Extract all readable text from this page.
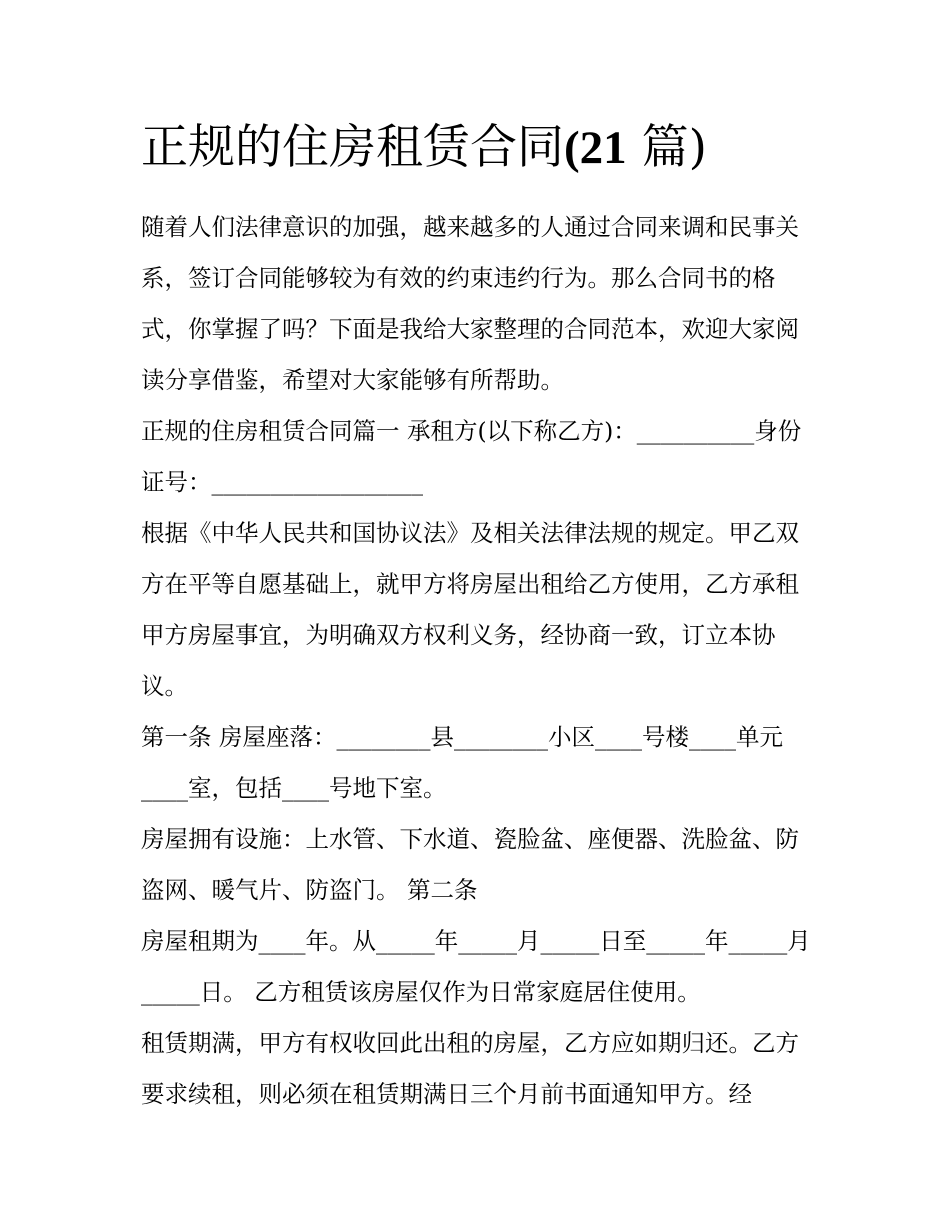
正规的住房租赁合同(21 篇)

随着人们法律意识的加强，越来越多的人通过合同来调和民事关系，签订合同能够较为有效的约束违约行为。那么合同书的格式，你掌握了吗？下面是我给大家整理的合同范本，欢迎大家阅读分享借鉴，希望对大家能够有所帮助。

正规的住房租赁合同篇一 承租方(以下称乙方)：__________身份证号：__________________

根据《中华人民共和国协议法》及相关法律法规的规定。甲乙双方在平等自愿基础上，就甲方将房屋出租给乙方使用，乙方承租甲方房屋事宜，为明确双方权利义务，经协商一致，订立本协议。

第一条 房屋座落：________县________小区____号楼____单元____室，包括____号地下室。

房屋拥有设施：上水管、下水道、瓷脸盆、座便器、洗脸盆、防盗网、暖气片、防盗门。 第二条

房屋租期为____年。从_____年_____月_____日至_____年_____月_____日。 乙方租赁该房屋仅作为日常家庭居住使用。

租赁期满，甲方有权收回此出租的房屋，乙方应如期归还。乙方要求续租，则必须在租赁期满日三个月前书面通知甲方。经
